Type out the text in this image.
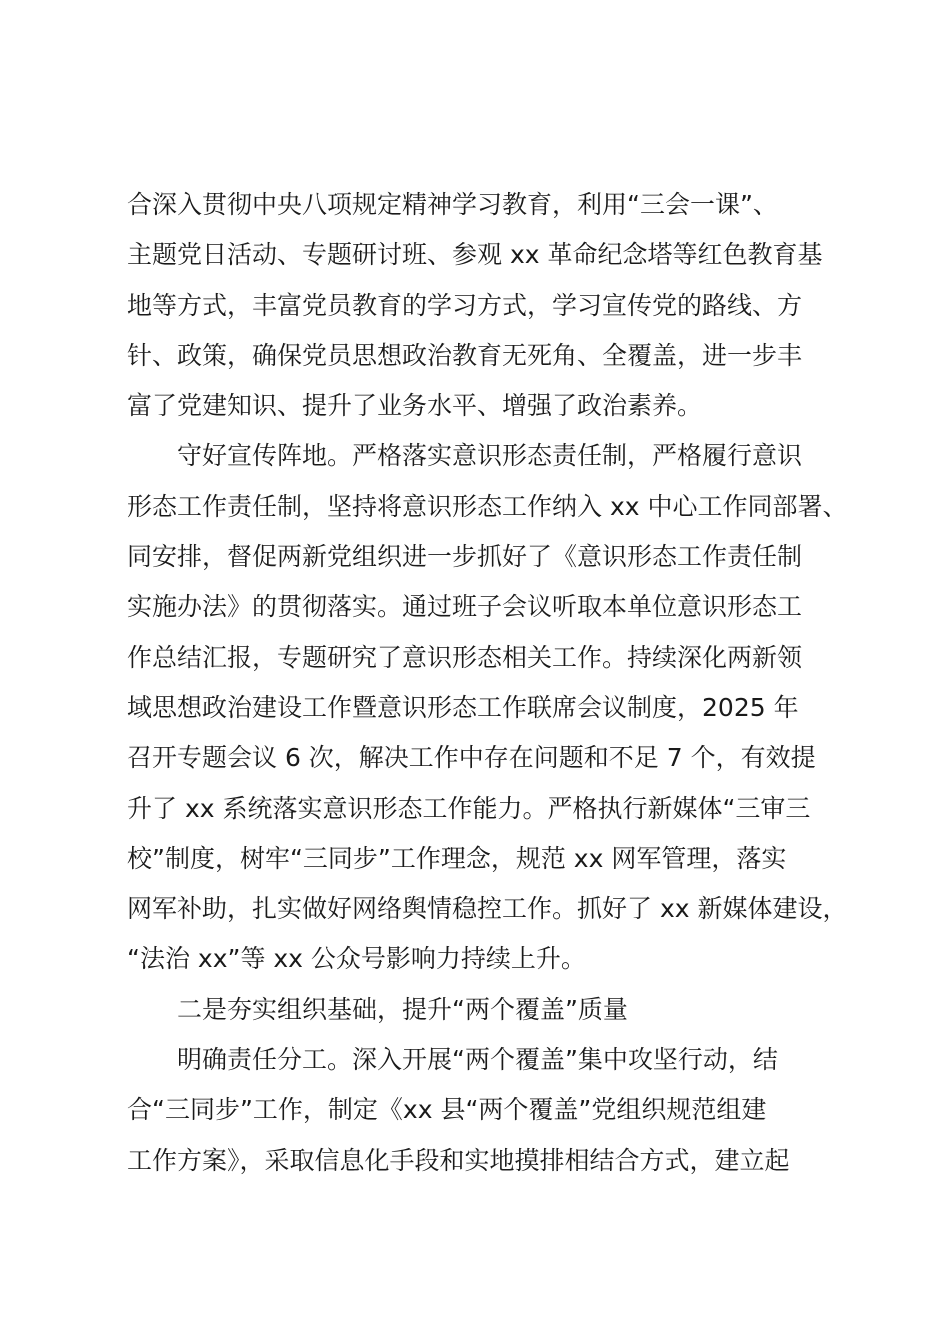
合深入贯彻中央八项规定精神学习教育，利用“三会一课”、
主题党日活动、专题研讨班、参观 xx 革命纪念塔等红色教育基
地等方式，丰富党员教育的学习方式，学习宣传党的路线、方
针、政策，确保党员思想政治教育无死角、全覆盖，进一步丰
富了党建知识、提升了业务水平、增强了政治素养。
守好宣传阵地。严格落实意识形态责任制，严格履行意识
形态工作责任制，坚持将意识形态工作纳入 xx 中心工作同部署、
同安排，督促两新党组织进一步抓好了《意识形态工作责任制
实施办法》的贯彻落实。通过班子会议听取本单位意识形态工
作总结汇报，专题研究了意识形态相关工作。持续深化两新领
域思想政治建设工作暨意识形态工作联席会议制度，2025 年
召开专题会议 6 次，解决工作中存在问题和不足 7 个，有效提
升了 xx 系统落实意识形态工作能力。严格执行新媒体“三审三
校”制度，树牢“三同步”工作理念，规范 xx 网军管理，落实
网军补助，扎实做好网络舆情稳控工作。抓好了 xx 新媒体建设，
“法治 xx”等 xx 公众号影响力持续上升。
二是夯实组织基础，提升“两个覆盖”质量
明确责任分工。深入开展“两个覆盖”集中攻坚行动，结
合“三同步”工作，制定《xx 县“两个覆盖”党组织规范组建
工作方案》，采取信息化手段和实地摸排相结合方式，建立起
